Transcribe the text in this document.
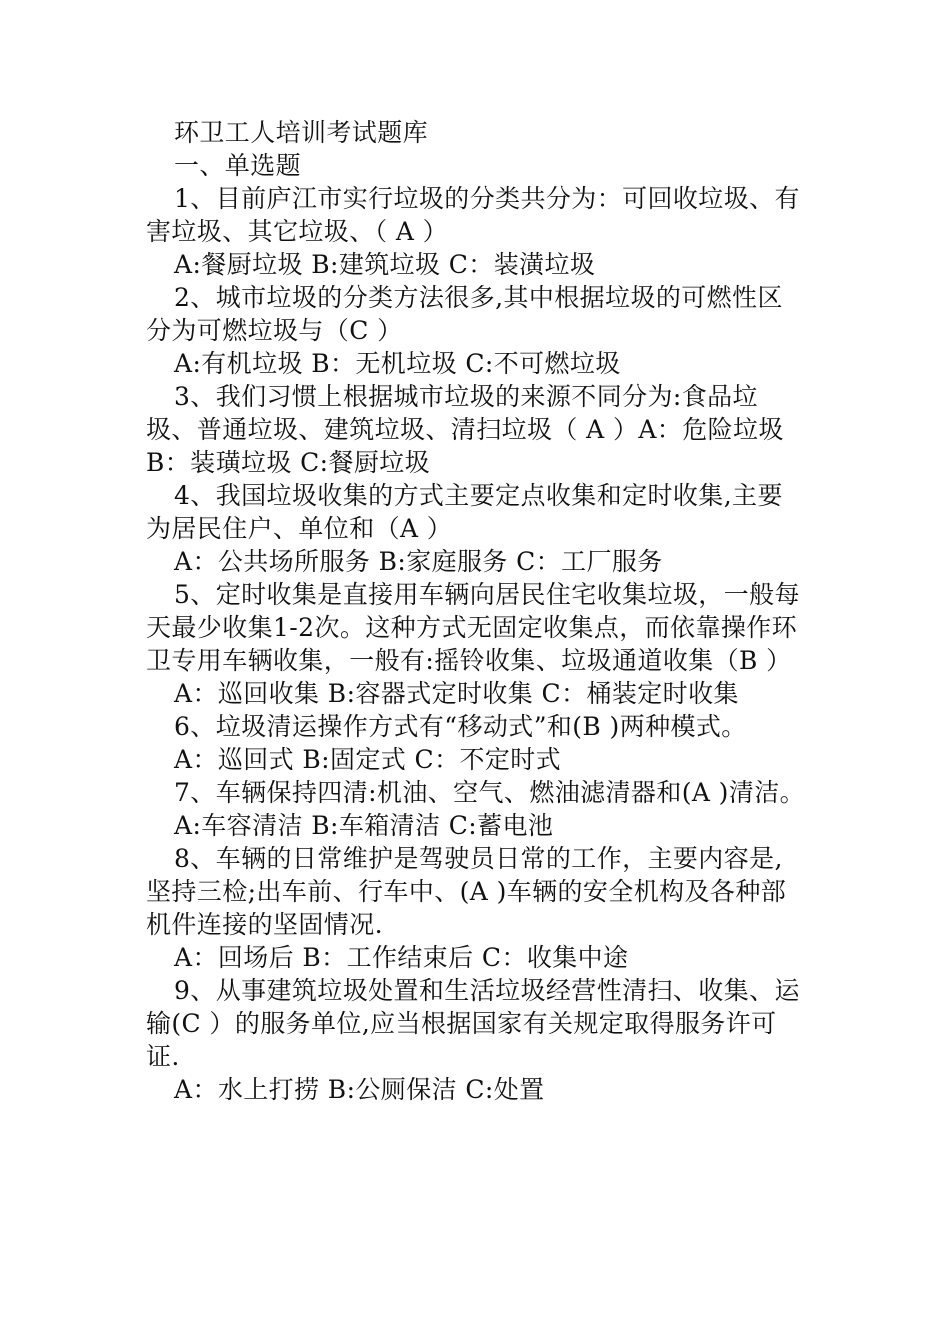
环卫工人培训考试题库

一、单选题

1、目前庐江市实行垃圾的分类共分为：可回收垃圾、有害垃圾、其它垃圾、（ A ）

A:餐厨垃圾 B:建筑垃圾 C：装潢垃圾

2、城市垃圾的分类方法很多,其中根据垃圾的可燃性区分为可燃垃圾与（C ）

A:有机垃圾 B：无机垃圾 C:不可燃垃圾

3、我们习惯上根据城市垃圾的来源不同分为:食品垃圾、普通垃圾、建筑垃圾、清扫垃圾（ A ）A：危险垃圾 B：装璜垃圾 C:餐厨垃圾

4、我国垃圾收集的方式主要定点收集和定时收集,主要为居民住户、单位和（A ）

A：公共场所服务 B:家庭服务 C：工厂服务

5、定时收集是直接用车辆向居民住宅收集垃圾，一般每天最少收集1-2次。这种方式无固定收集点，而依靠操作环卫专用车辆收集，一般有:摇铃收集、垃圾通道收集（B ）

A：巡回收集 B:容器式定时收集 C：桶装定时收集

6、垃圾清运操作方式有“移动式”和(B )两种模式。

A：巡回式 B:固定式 C：不定时式

7、车辆保持四清:机油、空气、燃油滤清器和(A )清洁。

A:车容清洁 B:车箱清洁 C:蓄电池

8、车辆的日常维护是驾驶员日常的工作，主要内容是,坚持三检;出车前、行车中、(A )车辆的安全机构及各种部机件连接的坚固情况.

A：回场后 B：工作结束后 C：收集中途

9、从事建筑垃圾处置和生活垃圾经营性清扫、收集、运输(C ）的服务单位,应当根据国家有关规定取得服务许可证.

A：水上打捞 B:公厕保洁 C:处置
